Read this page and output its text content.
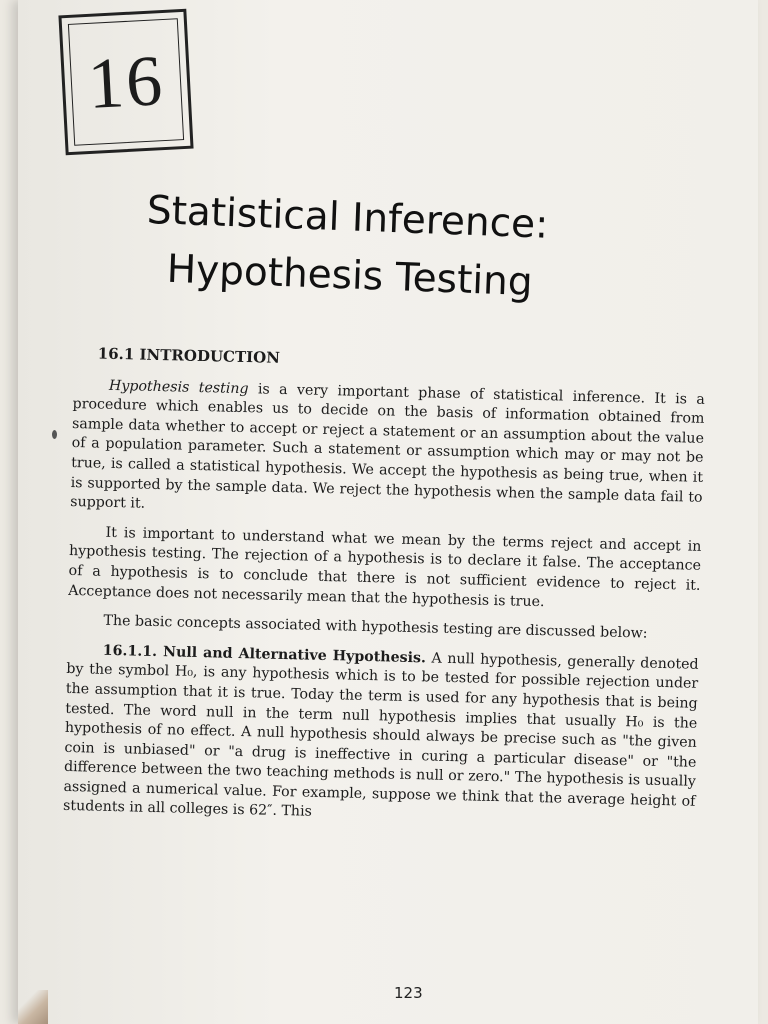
16
Statistical Inference:
Hypothesis Testing
16.1 INTRODUCTION

Hypothesis testing is a very important phase of statistical inference. It is a procedure which enables us to decide on the basis of information obtained from sample data whether to accept or reject a statement or an assumption about the value of a population parameter. Such a statement or assumption which may or may not be true, is called a statistical hypothesis. We accept the hypothesis as being true, when it is supported by the sample data. We reject the hypothesis when the sample data fail to support it.

It is important to understand what we mean by the terms reject and accept in hypothesis testing. The rejection of a hypothesis is to declare it false. The acceptance of a hypothesis is to conclude that there is not sufficient evidence to reject it. Acceptance does not necessarily mean that the hypothesis is true.

The basic concepts associated with hypothesis testing are discussed below:

16.1.1. Null and Alternative Hypothesis. A null hypothesis, generally denoted by the symbol H₀, is any hypothesis which is to be tested for possible rejection under the assumption that it is true. Today the term is used for any hypothesis that is being tested. The word null in the term null hypothesis implies that usually H₀ is the hypothesis of no effect. A null hypothesis should always be precise such as "the given coin is unbiased" or "a drug is ineffective in curing a particular disease" or "the difference between the two teaching methods is null or zero." The hypothesis is usually assigned a numerical value. For example, suppose we think that the average height of students in all colleges is 62″. This

123
